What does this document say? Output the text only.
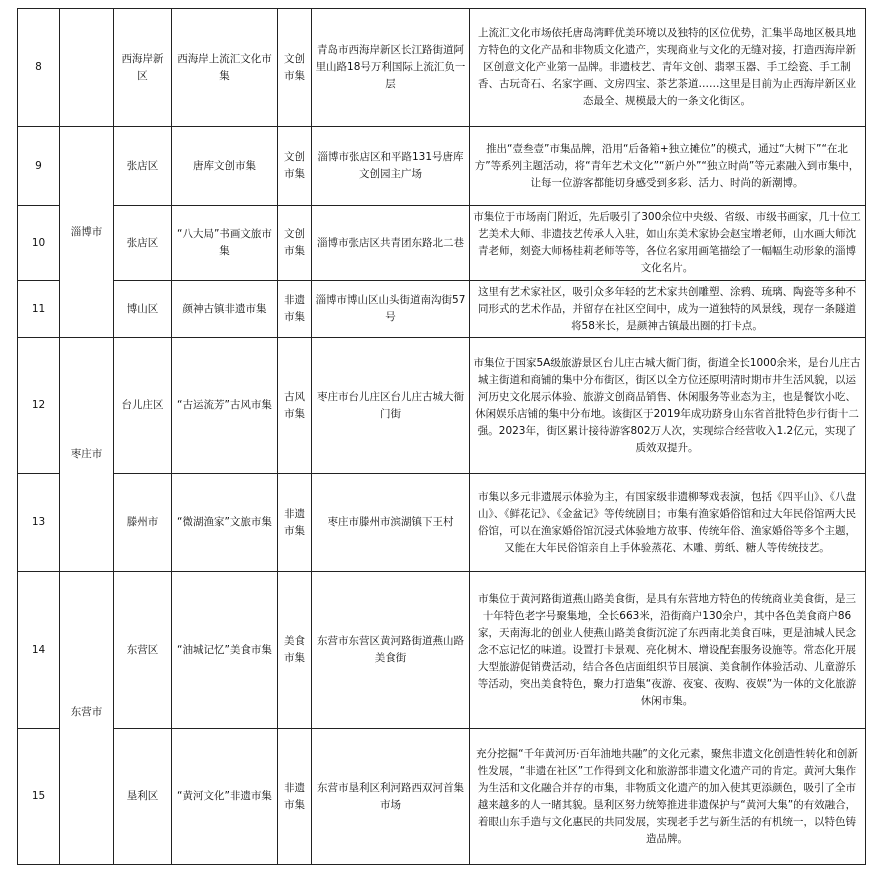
8		西海岸新区	西海岸上流汇文化市集	文创市集	青岛市西海岸新区长江路街道阿里山路18号万利国际上流汇负一层	上流汇文化市场依托唐岛湾畔优美环境以及独特的区位优势，汇集半岛地区极具地方特色的文化产品和非物质文化遗产，实现商业与文化的无缝对接，打造西海岸新区创意文化产业第一品牌。非遗枝艺、青年文创、翡翠玉器、手工绘瓷、手工制香、古玩奇石、名家字画、文房四宝、茶艺茶道……这里是目前为止西海岸新区业态最全、规模最大的一条文化街区。
9	淄博市	张店区	唐库文创市集	文创市集	淄博市张店区和平路131号唐库文创园主广场	推出“壹叁壹”市集品牌，沿用“后备箱+独立摊位”的模式，通过“大树下”“在北方”等系列主题活动，将“青年艺术文化”“新户外”“独立时尚”等元素融入到市集中，让每一位游客都能切身感受到多彩、活力、时尚的新潮博。
10		张店区	“八大局”书画文旅市集	文创市集	淄博市张店区共青团东路北二巷	市集位于市场南门附近，先后吸引了300余位中央级、省级、市级书画家，几十位工艺美术大师、非遗技艺传承人入驻，如山东美术家协会赵宝增老师，山水画大师沈青老师，刻瓷大师杨桂莉老师等等，各位名家用画笔描绘了一幅幅生动形象的淄博文化名片。
11		博山区	颜神古镇非遗市集	非遗市集	淄博市博山区山头街道南沟街57号	这里有艺术家社区，吸引众多年轻的艺术家共创雕塑、涂鸦、琉璃、陶瓷等多种不同形式的艺术作品，并留存在社区空间中，成为一道独特的风景线，现存一条隧道将58米长，是颜神古镇最出圈的打卡点。
12	枣庄市	台儿庄区	“古运流芳”古风市集	古风市集	枣庄市台儿庄区台儿庄古城大衙门街	市集位于国家5A级旅游景区台儿庄古城大衙门街，街道全长1000余米，是台儿庄古城主街道和商铺的集中分布街区，街区以全方位还原明清时期市井生活风貌，以运河历史文化展示体验、旅游文创商品销售、休闲服务等业态为主，也是餐饮小吃、休闲娱乐店铺的集中分布地。该街区于2019年成功跻身山东省首批特色步行街十二强。2023年，街区累计接待游客802万人次，实现综合经营收入1.2亿元，实现了质效双提升。
13		滕州市	“微湖渔家”文旅市集	非遗市集	枣庄市滕州市滨湖镇下王村	市集以多元非遗展示体验为主，有国家级非遗柳琴戏表演，包括《四平山》、《八盘山》、《鲜花记》、《金盆记》等传统剧目；市集有渔家婚俗馆和过大年民俗馆两大民俗馆，可以在渔家婚俗馆沉浸式体验地方故事、传统年俗、渔家婚俗等多个主题，又能在大年民俗馆亲自上手体验蒸花、木雕、剪纸、糖人等传统技艺。
14	东营市	东营区	“油城记忆”美食市集	美食市集	东营市东营区黄河路街道燕山路美食街	市集位于黄河路街道燕山路美食街，是具有东营地方特色的传统商业美食街，是三十年特色老字号聚集地，全长663米，沿街商户130余户，其中各色美食商户86家，天南海北的创业人使燕山路美食街沉淀了东西南北美食百味，更是油城人民念念不忘记忆的味道。设置打卡景观、亮化树木、增设配套服务设施等。常态化开展大型旅游促销费活动，结合各色店面组织节目展演、美食制作体验活动、儿童游乐等活动，突出美食特色，聚力打造集“夜游、夜宴、夜购、夜娱”为一体的文化旅游休闲市集。
15		垦利区	“黄河文化”非遗市集	非遗市集	东营市垦利区利河路西双河首集市场	充分挖掘“千年黄河历·百年油地共融”的文化元素，聚焦非遗文化创造性转化和创新性发展，“非遗在社区”工作得到文化和旅游部非遗文化遗产司的肯定。黄河大集作为生活和文化融合并存的市集，非物质文化遗产的加入使其更添颜色，吸引了全市越来越多的人一睹其貌。垦利区努力统筹推进非遗保护与“黄河大集”的有效融合，着眼山东手造与文化惠民的共同发展，实现老手艺与新生活的有机统一，以特色铸造品牌。
